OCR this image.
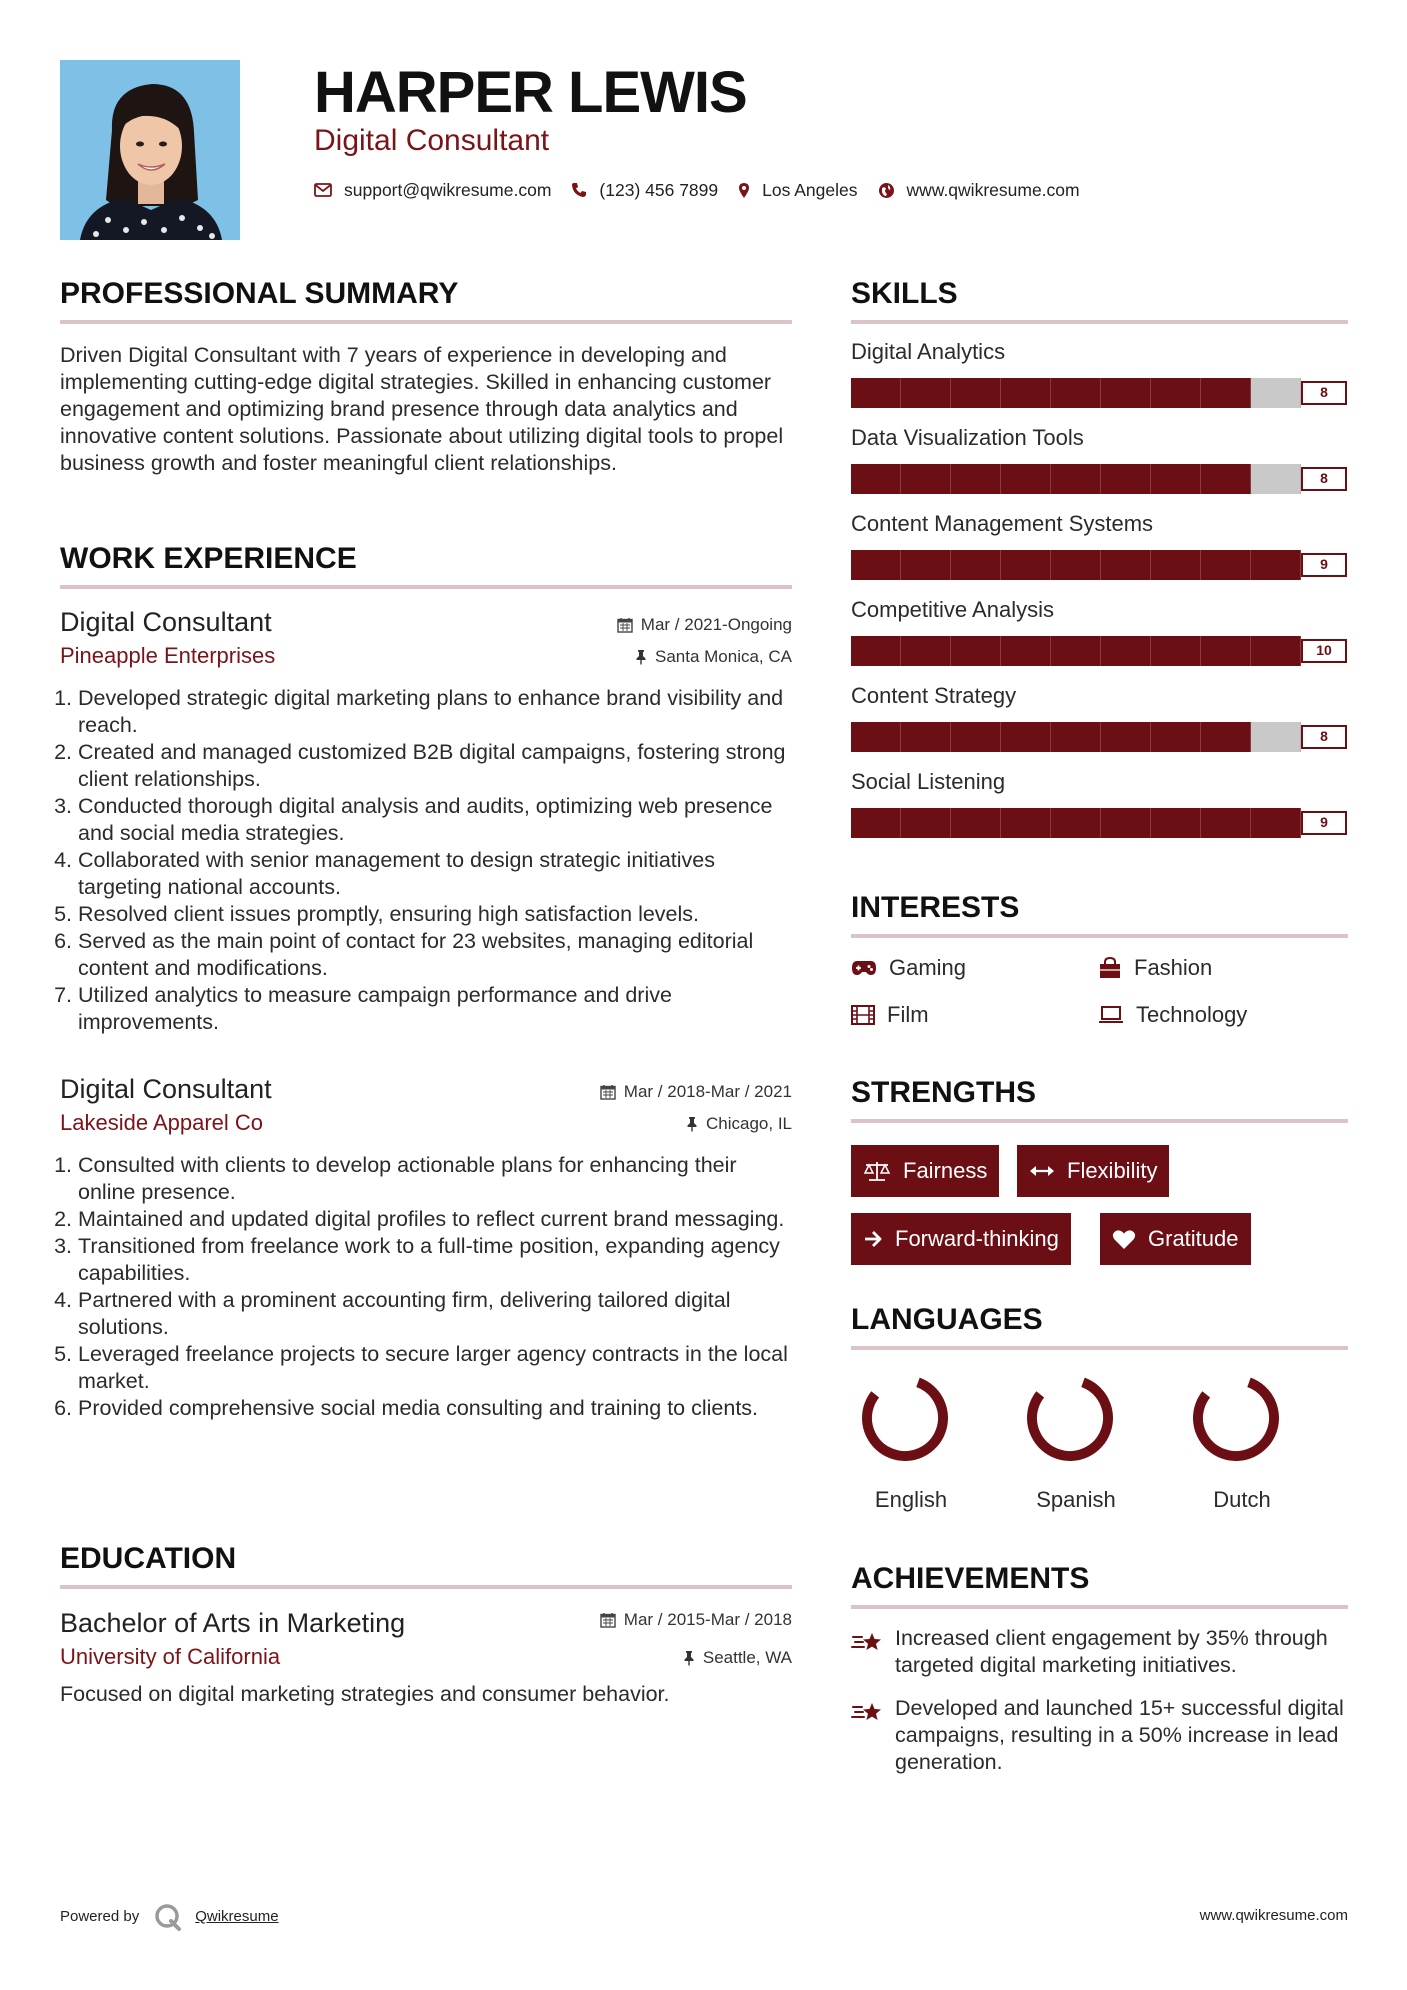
HARPER LEWIS
Digital Consultant
support@qwikresume.com	(123) 456 7899	Los Angeles	www.qwikresume.com
PROFESSIONAL SUMMARY

Driven Digital Consultant with 7 years of experience in developing and implementing cutting-edge digital strategies. Skilled in enhancing customer engagement and optimizing brand presence through data analytics and innovative content solutions. Passionate about utilizing digital tools to propel business growth and foster meaningful client relationships.

WORK EXPERIENCE
Digital Consultant	Mar / 2021-Ongoing
Pineapple Enterprises	Santa Monica, CA
1. Developed strategic digital marketing plans to enhance brand visibility and reach.
2. Created and managed customized B2B digital campaigns, fostering strong client relationships.
3. Conducted thorough digital analysis and audits, optimizing web presence and social media strategies.
4. Collaborated with senior management to design strategic initiatives targeting national accounts.
5. Resolved client issues promptly, ensuring high satisfaction levels.
6. Served as the main point of contact for 23 websites, managing editorial content and modifications.
7. Utilized analytics to measure campaign performance and drive improvements.
Digital Consultant	Mar / 2018-Mar / 2021
Lakeside Apparel Co	Chicago, IL
1. Consulted with clients to develop actionable plans for enhancing their online presence.
2. Maintained and updated digital profiles to reflect current brand messaging.
3. Transitioned from freelance work to a full-time position, expanding agency capabilities.
4. Partnered with a prominent accounting firm, delivering tailored digital solutions.
5. Leveraged freelance projects to secure larger agency contracts in the local market.
6. Provided comprehensive social media consulting and training to clients.
EDUCATION
Bachelor of Arts in Marketing	Mar / 2015-Mar / 2018
University of California	Seattle, WA

Focused on digital marketing strategies and consumer behavior.

SKILLS
Digital Analytics
8
Data Visualization Tools
8
Content Management Systems
9
Competitive Analysis
10
Content Strategy
8
Social Listening
9
INTERESTS
Gaming	Fashion
Film	Technology
STRENGTHS
Fairness	Flexibility
Forward-thinking	Gratitude
LANGUAGES
English	Spanish	Dutch
ACHIEVEMENTS
Increased client engagement by 35% through targeted digital marketing initiatives.
Developed and launched 15+ successful digital campaigns, resulting in a 50% increase in lead generation.
Powered by	Qwikresume	www.qwikresume.com
